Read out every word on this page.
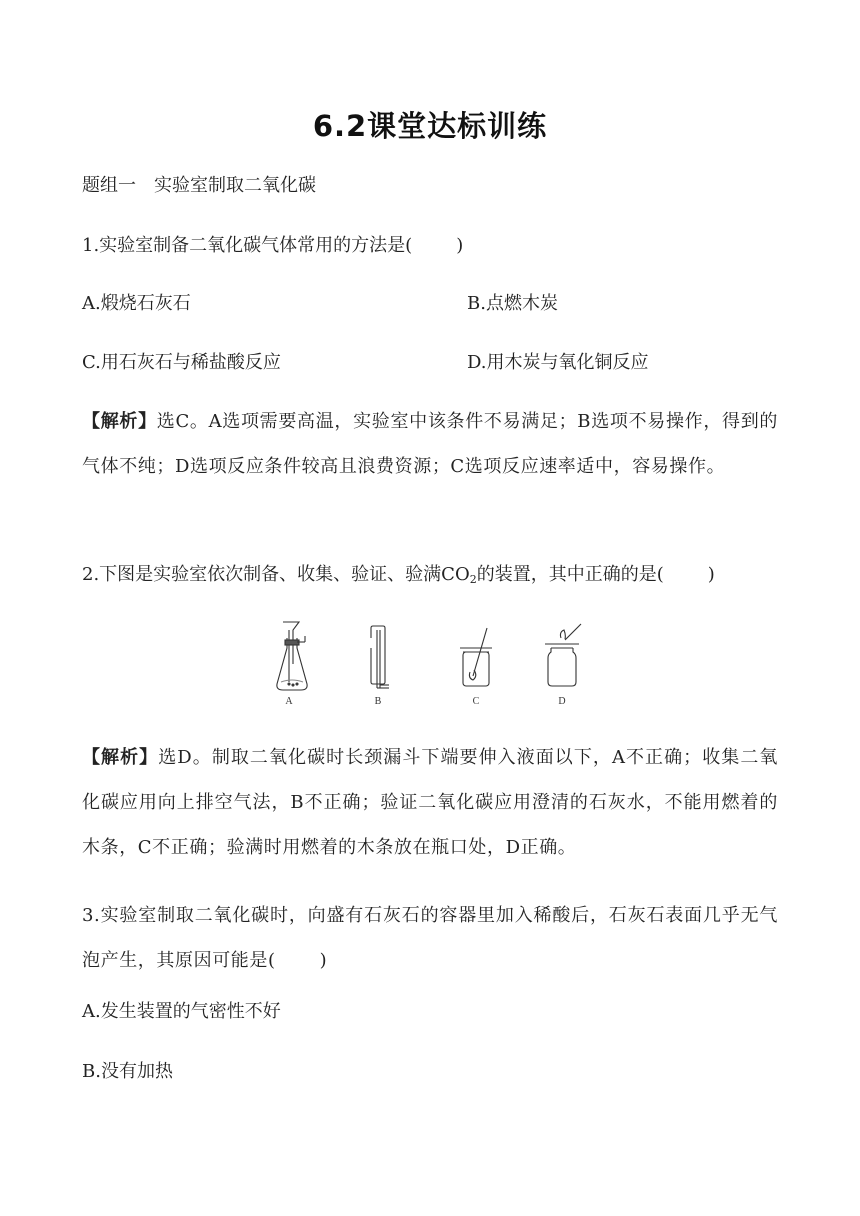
6.2课堂达标训练
题组一　实验室制取二氧化碳
1.实验室制备二氧化碳气体常用的方法是( )
A.煅烧石灰石	B.点燃木炭
C.用石灰石与稀盐酸反应	D.用木炭与氧化铜反应
【解析】选C。A选项需要高温，实验室中该条件不易满足；B选项不易操作，得到的气体不纯；D选项反应条件较高且浪费资源；C选项反应速率适中，容易操作。
2.下图是实验室依次制备、收集、验证、验满$CO_2$的装置，其中正确的是( )
A	B	C	D
【解析】选D。制取二氧化碳时长颈漏斗下端要伸入液面以下，A不正确；收集二氧化碳应用向上排空气法，B不正确；验证二氧化碳应用澄清的石灰水，不能用燃着的木条，C不正确；验满时用燃着的木条放在瓶口处，D正确。
3.实验室制取二氧化碳时，向盛有石灰石的容器里加入稀酸后，石灰石表面几乎无气泡产生，其原因可能是( )
A.发生装置的气密性不好
B.没有加热
